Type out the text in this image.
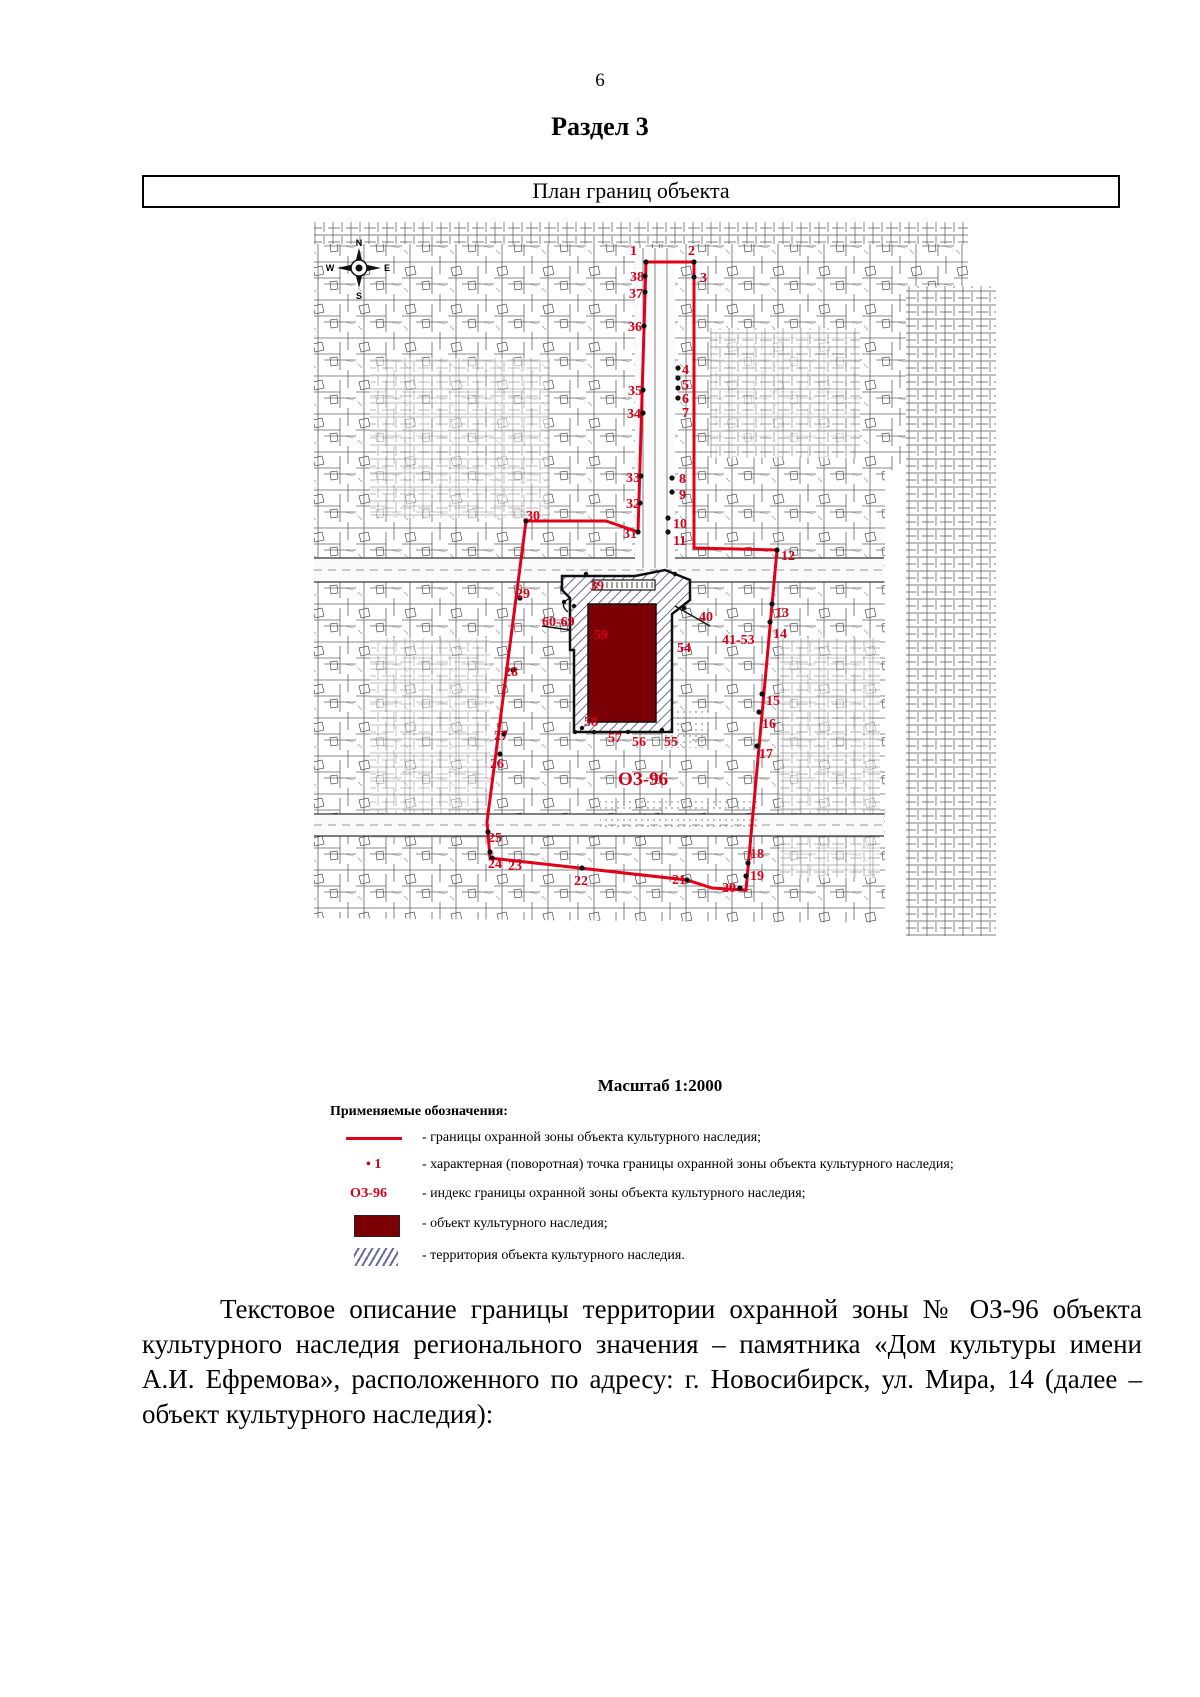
6
Раздел 3
План границ объекта
N
S
E
W
1	2
3
4
5
6
7
8
9
10
11
12
13
14
15
16
17
18
19
20
21
22
23
24
25
26
27
28
29
30
31
32
33
34
35
36
37
38
39
40
41-53
54
55
56
57
58
59
60-69
ОЗ-96
Масштаб 1:2000
Применяемые обозначения:
- границы охранной зоны объекта культурного наследия;
• 1	- характерная (поворотная) точка границы охранной зоны объекта культурного наследия;
ОЗ-96	- индекс границы охранной зоны объекта культурного наследия;
- объект культурного наследия;
- территория объекта культурного наследия.
Текстовое описание границы территории охранной зоны № ОЗ-96 объекта культурного наследия регионального значения – памятника «Дом культуры имени А.И. Ефремова», расположенного по адресу: г. Новосибирск, ул. Мира, 14 (далее – объект культурного наследия):
